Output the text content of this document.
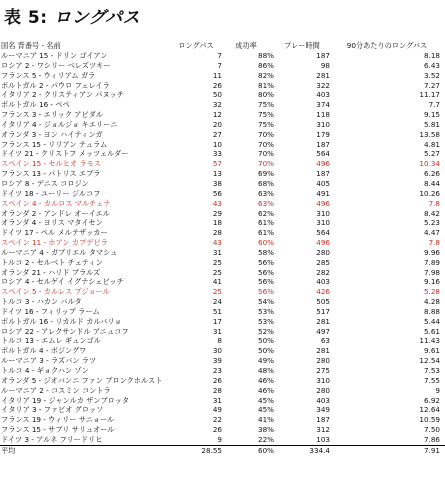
表 5: ロングパス
国名 背番号 - 名前	ロングパス	成功率	プレー時間	90分あたりのロングパス
ルーマニア 15 - ドリン ゴイアン	7	88%	187	8.18
ロシア 2 - ワシリー ベレズツキー	7	86%	98	6.43
フランス 5 - ウィリアム ガラ	11	82%	281	3.52
ポルトガル 2 - パウロ フェレイラ	26	81%	322	7.27
イタリア 2 - クリスティアン パヌッチ	50	80%	403	11.17
ポルトガル 16 - ペペ	32	75%	374	7.7
フランス 3 - エリック アビダル	12	75%	118	9.15
イタリア 4 - ジョルジョ キエリーニ	20	75%	310	5.81
オランダ 3 - ヨン ハイティンガ	27	70%	179	13.58
フランス 15 - リリアン テュラム	10	70%	187	4.81
ドイツ 21 - クリストフ メッツェルダー	33	70%	564	5.27
スペイン 15 - セルヒオ ラモス	57	70%	496	10.34
フランス 13 - パトリス エブラ	13	69%	187	6.26
ロシア 8 - デニス コロジン	38	68%	405	8.44
ドイツ 18 - ユーリー ジルコフ	56	63%	491	10.26
スペイン 4 - カルロス マルチェナ	43	63%	496	7.8
オランダ 2 - アンドレ オーイエル	29	62%	310	8.42
オランダ 4 - ヨリス マタイセン	18	61%	310	5.23
ドイツ 17 - ペル メルテザッカー	28	61%	564	4.47
スペイン 11 - ホアン カプデビラ	43	60%	496	7.8
ルーマニア 4 - ガブリエル タマシュ	31	58%	280	9.96
トルコ 2 - セルベト チェティン	25	56%	285	7.89
オランダ 21 - ハリド ブラルズ	25	56%	282	7.98
ロシア 4 - セルゲイ イグナシェビッチ	41	56%	403	9.16
スペイン 5 - カルレス プジョール	25	56%	426	5.28
トルコ 3 - ハカン バルタ	24	54%	505	4.28
ドイツ 16 - フィリップ ラーム	51	53%	517	8.88
ポルトガル 16 - リカルド カルバリョ	17	53%	281	5.44
ロシア 22 - アレクサンドル アニュコフ	31	52%	497	5.61
トルコ 13 - エムレ ギュンゴル	8	50%	63	11.43
ポルトガル 4 - ボジングワ	30	50%	281	9.61
ルーマニア 3 - ラズバン ラツ	39	49%	280	12.54
トルコ 4 - ギョクハン ゾン	23	48%	275	7.53
オランダ 5 - ジオバンニ ファン ブロンクホルスト	26	46%	310	7.55
ルーマニア 2 - コスミン コントラ	28	46%	280	9
イタリア 19 - ジャンルカ ザンブロッタ	31	45%	403	6.92
イタリア 3 - ファビオ グロッソ	49	45%	349	12.64
フランス 19 - ウィリー サニョール	22	41%	187	10.59
フランス 15 - サブリ サリュオール	26	38%	312	7.50
ドイツ 3 - アルネ フリードリヒ	9	22%	103	7.86
平均	28.55	60%	334.4	7.91
